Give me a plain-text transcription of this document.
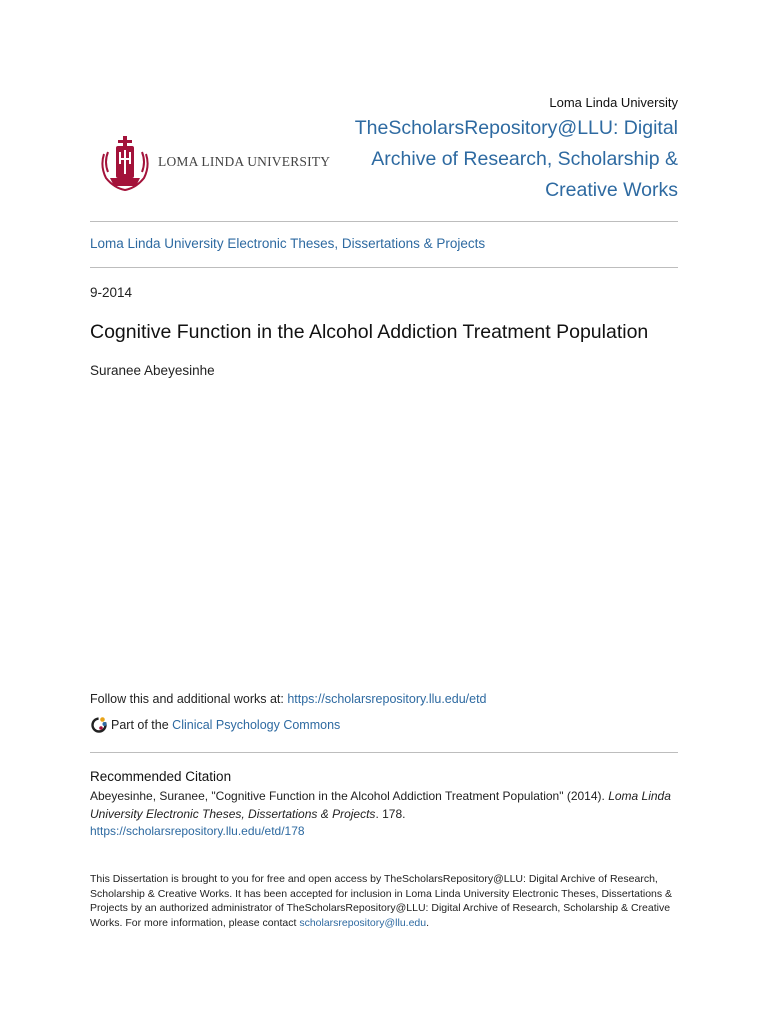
Loma Linda University
TheScholarsRepository@LLU: Digital
Archive of Research, Scholarship &
Creative Works
LOMA LINDA UNIVERSITY
Loma Linda University Electronic Theses, Dissertations & Projects
9-2014
Cognitive Function in the Alcohol Addiction Treatment Population
Suranee Abeyesinhe
Follow this and additional works at: https://scholarsrepository.llu.edu/etd
Part of the
Clinical Psychology Commons
Recommended Citation
Abeyesinhe, Suranee, "Cognitive Function in the Alcohol Addiction Treatment Population" (2014). Loma Linda University Electronic Theses, Dissertations & Projects. 178.
https://scholarsrepository.llu.edu/etd/178
This Dissertation is brought to you for free and open access by TheScholarsRepository@LLU: Digital Archive of Research, Scholarship & Creative Works. It has been accepted for inclusion in Loma Linda University Electronic Theses, Dissertations & Projects by an authorized administrator of TheScholarsRepository@LLU: Digital Archive of Research, Scholarship & Creative Works. For more information, please contact scholarsrepository@llu.edu.
